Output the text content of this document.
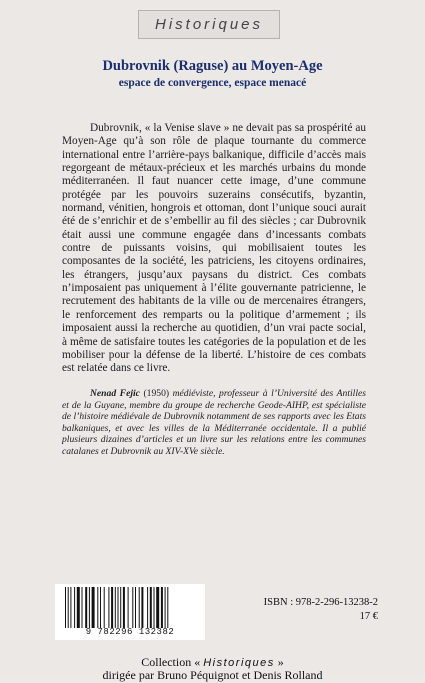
Historiques
Dubrovnik (Raguse) au Moyen-Age
espace de convergence, espace menacé

Dubrovnik, « la Venise slave » ne devait pas sa prospérité au Moyen-Age qu’à son rôle de plaque tournante du commerce international entre l’arrière-pays balkanique, difficile d’accès mais regorgeant de métaux-précieux et les marchés urbains du monde méditerranéen. Il faut nuancer cette image, d’une commune protégée par les pouvoirs suzerains consécutifs, byzantin, normand, vénitien, hongrois et ottoman, dont l’unique souci aurait été de s’enrichir et de s’embellir au fil des siècles ; car Dubrovnik était aussi une commune engagée dans d’incessants combats contre de puissants voisins, qui mobilisaient toutes les composantes de la société, les patriciens, les citoyens ordinaires, les étrangers, jusqu’aux paysans du district. Ces combats n’imposaient pas uniquement à l’élite gouvernante patricienne, le recrutement des habitants de la ville ou de mercenaires étrangers, le renforcement des remparts ou la politique d’armement ; ils imposaient aussi la recherche au quotidien, d’un vrai pacte social, à même de satisfaire toutes les catégories de la population et de les mobiliser pour la défense de la liberté. L’histoire de ces combats est relatée dans ce livre.

Nenad Fejic (1950) médiéviste, professeur à l’Université des Antilles et de la Guyane, membre du groupe de recherche Geode-AIHP, est spécialiste de l’histoire médiévale de Dubrovnik notamment de ses rapports avec les Etats balkaniques, et avec les villes de la Méditerranée occidentale. Il a publié plusieurs dizaines d’articles et un livre sur les relations entre les communes catalanes et Dubrovnik au XIV-XVe siècle.

9 782296 132382

ISBN : 978-2-296-13238-2

17 €

Collection « Historiques »

dirigée par Bruno Péquignot et Denis Rolland
